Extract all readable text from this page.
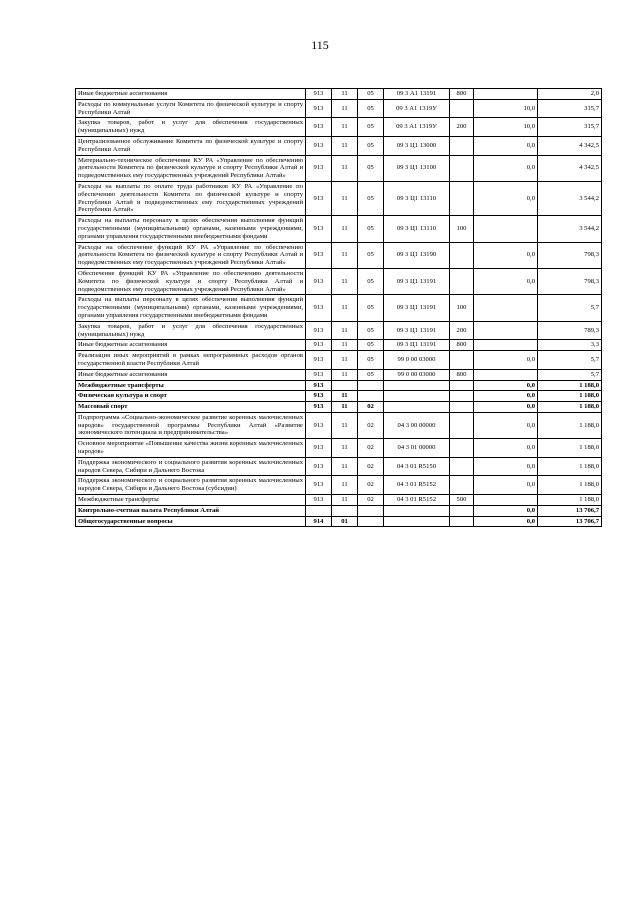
115
Иные бюджетные ассигнования	913	11	05	09 3 А1 13191	800		2,0
Расходы по коммунальные услуги Комитета по физической культуре и спорту Республики Алтай	913	11	05	09 3 А1 1319У		10,0	315,7
Закупка товаров, работ и услуг для обеспечения государственных (муниципальных) нужд	913	11	05	09 3 А1 1319У	200	10,0	315,7
Централизованное обслуживание Комитета по физической культуре и спорту Республики Алтай	913	11	05	09 3 Ц1 13000		0,0	4 342,5
Материально-техническое обеспечение КУ РА «Управление по обеспечению деятельности Комитета по физической культуре и спорту Республики Алтай и подведомственных ему государственных учреждений Республики Алтай»	913	11	05	09 3 Ц1 13100		0,0	4 342,5
Расходы на выплаты по оплате труда работников КУ РА «Управление по обеспечению деятельности Комитета по физической культуре и спорту Республики Алтай и подведомственных ему государственных учреждений Республики Алтай»	913	11	05	09 3 Ц1 13110		0,0	3 544,2
Расходы на выплаты персоналу в целях обеспечения выполнения функций государственными (муниципальными) органами, казенными учреждениями, органами управления государственными внебюджетными фондами	913	11	05	09 3 Ц1 13110	100		3 544,2
Расходы на обеспечение функций КУ РА «Управление по обеспечению деятельности Комитета по физической культуре и спорту Республики Алтай и подведомственных ему государственных учреждений Республики Алтай»	913	11	05	09 3 Ц1 13190		0,0	798,3
Обеспечение функций КУ РА «Управление по обеспечению деятельности Комитета по физической культуре и спорту Республики Алтай и подведомственных ему государственных учреждений Республики Алтай»	913	11	05	09 3 Ц1 13191		0,0	798,3
Расходы на выплаты персоналу в целях обеспечения выполнения функций государственными (муниципальными) органами, казенными учреждениями, органами управления государственными внебюджетными фондами	913	11	05	09 3 Ц1 13191	100		5,7
Закупка товаров, работ и услуг для обеспечения государственных (муниципальных) нужд	913	11	05	09 3 Ц1 13191	200		789,3
Иные бюджетные ассигнования	913	11	05	09 3 Ц1 13191	800		3,3
Реализация иных мероприятий в рамках непрограммных расходов органов государственной власти Республики Алтай	913	11	05	99 0 00 03000		0,0	5,7
Иные бюджетные ассигнования	913	11	05	99 0 00 03000	800		5,7
Межбюджетные трансферты	913					0,0	1 188,0
Физическая культура и спорт	913	11				0,0	1 188,0
Массовый спорт	913	11	02			0,0	1 188,0
Подпрограмма «Социально-экономическое развитие коренных малочисленных народов» государственной программы Республики Алтай «Развитие экономического потенциала и предпринимательства»	913	11	02	04 3 00 00000		0,0	1 188,0
Основное мероприятие «Повышение качества жизни коренных малочисленных народов»	913	11	02	04 3 01 00000		0,0	1 188,0
Поддержка экономического и социального развития коренных малочисленных народов Севера, Сибири и Дальнего Востока	913	11	02	04 3 01 R5150		0,0	1 188,0
Поддержка экономического и социального развития коренных малочисленных народов Севера, Сибири и Дальнего Востока (субсидии)	913	11	02	04 3 01 R5152		0,0	1 188,0
Межбюджетные трансферты	913	11	02	04 3 01 R5152	500		1 188,0
Контрольно-счетная палата Республики Алтай						0,0	13 706,7
Общегосударственные вопросы	914	01				0,0	13 706,7
